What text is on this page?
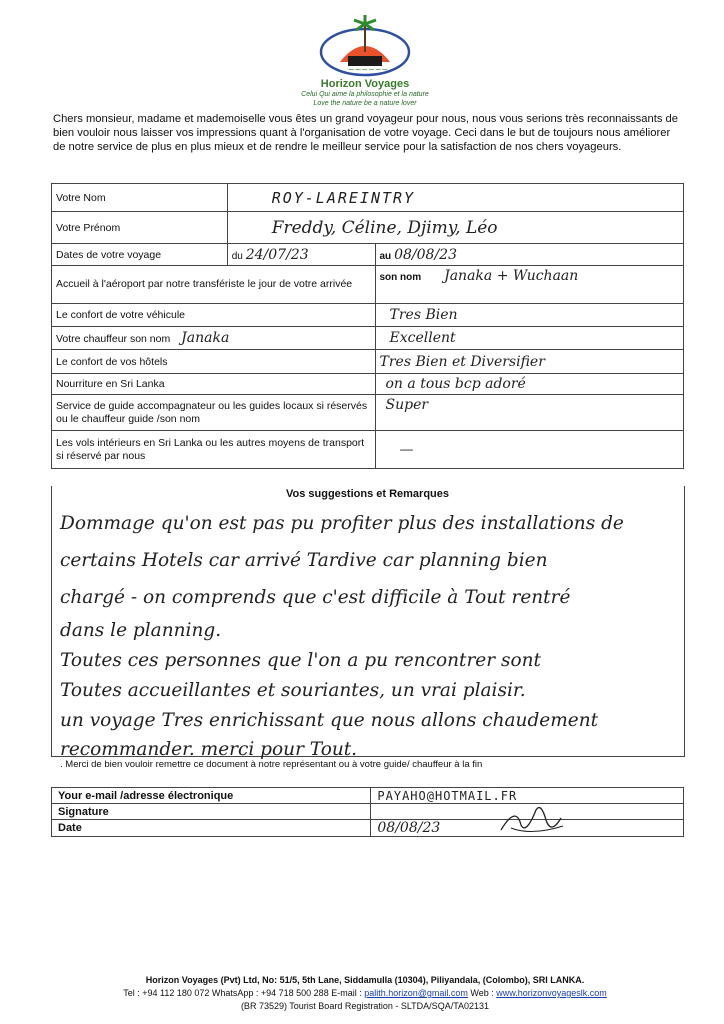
~~~~~~
Horizon Voyages
Celui Qui aime la philosophie et la nature
Love the nature be a nature lover
Chers monsieur, madame et mademoiselle vous êtes un grand voyageur pour nous, nous vous serions très reconnaissants de bien vouloir nous laisser vos impressions quant à l'organisation de votre voyage. Ceci dans le but de toujours nous améliorer de notre service de plus en plus mieux et de rendre le meilleur service pour la satisfaction de nos chers voyageurs.
Votre Nom	ROY-LAREINTRY	
Votre Prénom	Freddy, Céline, Djimy, Léo	
Dates de votre voyage	du 24/07/23	au 08/08/23
Accueil à l'aéroport par notre transfériste le jour de votre arrivée		son nom Janaka + Wuchaan
Le confort de votre véhicule		Tres Bien
Votre chauffeur son nom Janaka		Excellent
Le confort de vos hôtels		Tres Bien et Diversifier
Nourriture en Sri Lanka		on a tous bcp adoré
Service de guide accompagnateur ou les guides locaux si réservés ou le chauffeur guide /son nom		Super
Les vols intérieurs en Sri Lanka ou les autres moyens de transport si réservé par nous		—
Vos suggestions et Remarques
Dommage qu'on est pas pu profiter plus des installations de
certains Hotels car arrivé Tardive car planning bien
chargé - on comprends que c'est difficile à Tout rentré
dans le planning.
Toutes ces personnes que l'on a pu rencontrer sont
Toutes accueillantes et souriantes, un vrai plaisir.
un voyage Tres enrichissant que nous allons chaudement
recommander. merci pour Tout.
. Merci de bien vouloir remettre ce document à notre représentant ou à votre guide/ chauffeur à la fin
Your e-mail /adresse électronique	PAYAHO@HOTMAIL.FR
Signature	

Date	08/08/23
Horizon Voyages (Pvt) Ltd, No: 51/5, 5th Lane, Siddamulla (10304), Piliyandala, (Colombo), SRI LANKA.
Tel : +94 112 180 072 WhatsApp : +94 718 500 288 E-mail : palith.horizon@gmail.com Web : www.horizonvoyageslk.com
(BR 73529) Tourist Board Registration - SLTDA/SQA/TA02131
